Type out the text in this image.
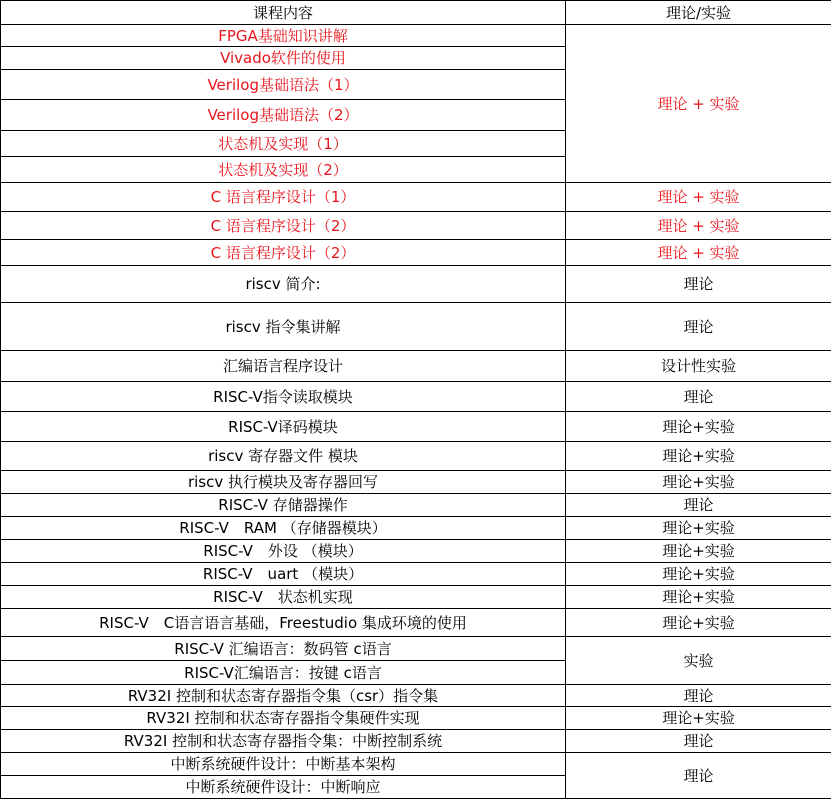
课程内容	理论/实验
FPGA基础知识讲解	理论 + 实验
Vivado软件的使用	
Verilog基础语法（1）	
Verilog基础语法（2）	
状态机及实现（1）	
状态机及实现（2）	
C 语言程序设计（1）	理论 + 实验
C 语言程序设计（2）	理论 + 实验
C 语言程序设计（2）	理论 + 实验
riscv 简介:	理论
riscv 指令集讲解	理论
汇编语言程序设计	设计性实验
RISC-V指令读取模块	理论
RISC-V译码模块	理论+实验
riscv 寄存器文件 模块	理论+实验
riscv 执行模块及寄存器回写	理论+实验
RISC-V 存储器操作	理论
RISC-V　RAM （存储器模块）	理论+实验
RISC-V　外设 （模块）	理论+实验
RISC-V　uart （模块）	理论+实验
RISC-V　状态机实现	理论+实验
RISC-V　C语言语言基础，Freestudio 集成环境的使用	理论+实验
RISC-V 汇编语言：数码管 c语言	实验
RISC-V汇编语言：按键 c语言	
RV32I 控制和状态寄存器指令集（csr）指令集	理论
RV32I 控制和状态寄存器指令集硬件实现	理论+实验
RV32I 控制和状态寄存器指令集：中断控制系统	理论
中断系统硬件设计：中断基本架构	理论
中断系统硬件设计：中断响应	
